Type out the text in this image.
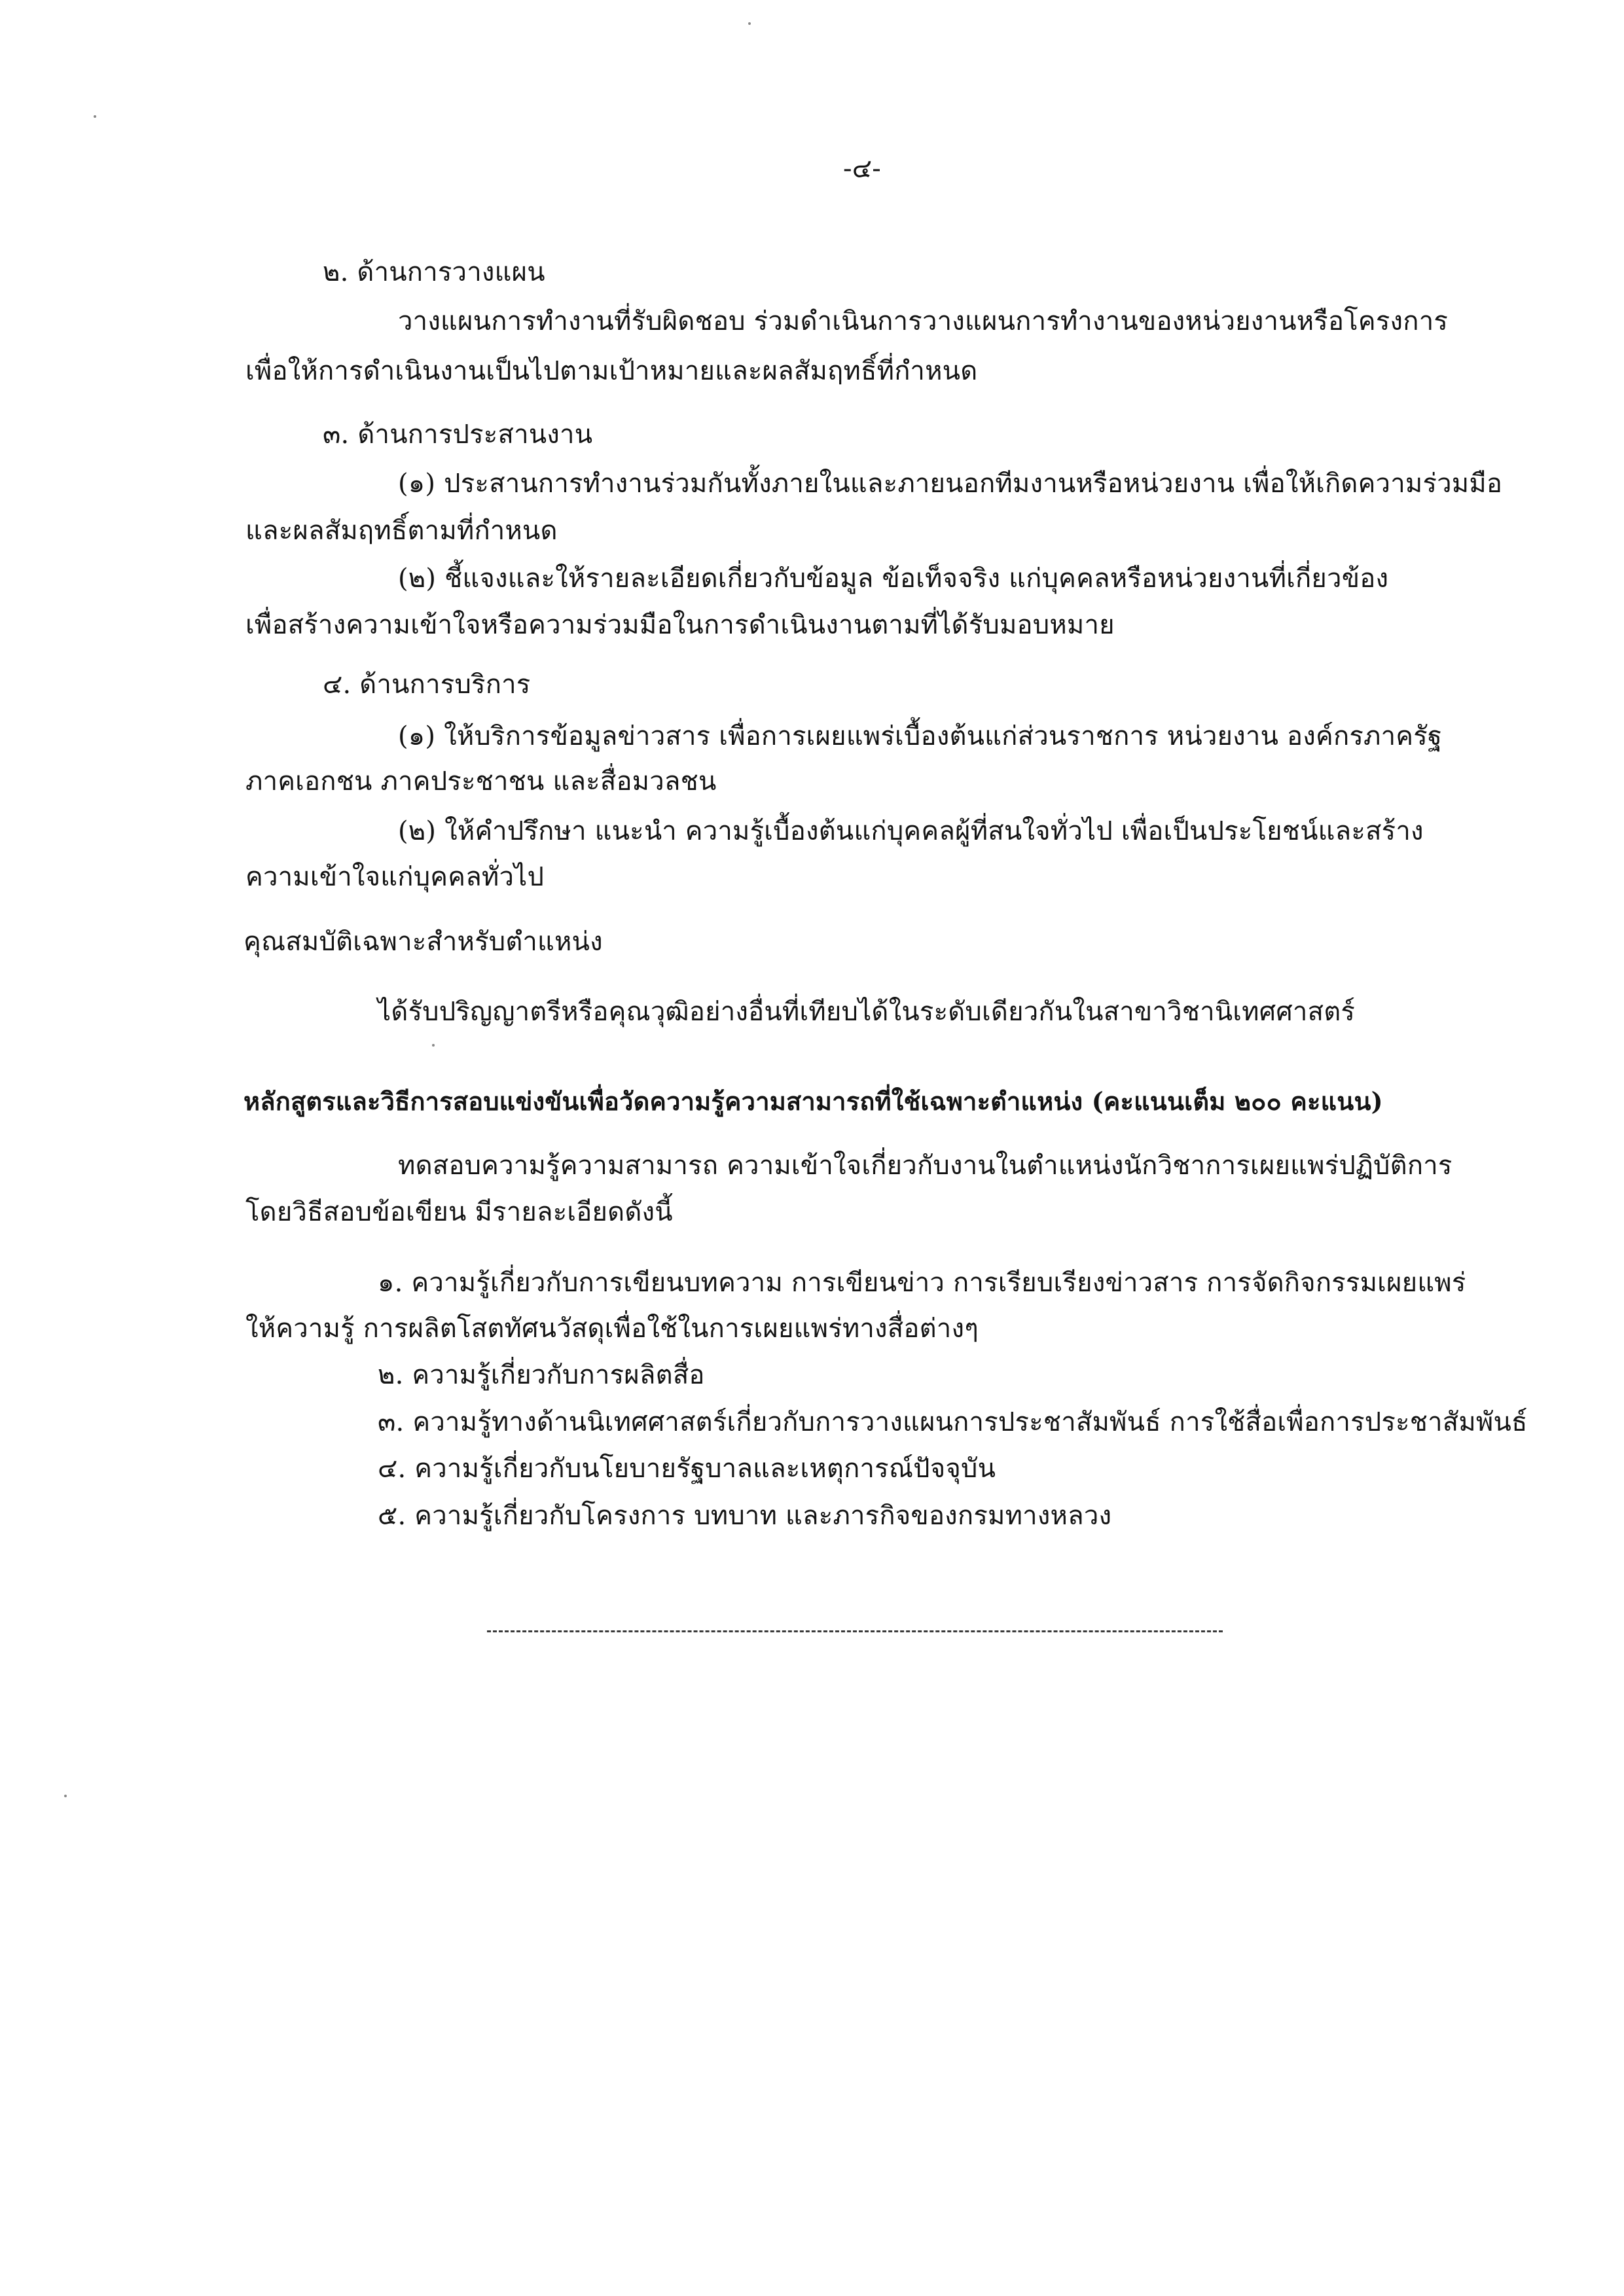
-๔-

๒. ด้านการวางแผน

วางแผนการทำงานที่รับผิดชอบ ร่วมดำเนินการวางแผนการทำงานของหน่วยงานหรือโครงการ

เพื่อให้การดำเนินงานเป็นไปตามเป้าหมายและผลสัมฤทธิ์ที่กำหนด

๓. ด้านการประสานงาน

(๑) ประสานการทำงานร่วมกันทั้งภายในและภายนอกทีมงานหรือหน่วยงาน เพื่อให้เกิดความร่วมมือ

และผลสัมฤทธิ์ตามที่กำหนด

(๒) ชี้แจงและให้รายละเอียดเกี่ยวกับข้อมูล ข้อเท็จจริง แก่บุคคลหรือหน่วยงานที่เกี่ยวข้อง

เพื่อสร้างความเข้าใจหรือความร่วมมือในการดำเนินงานตามที่ได้รับมอบหมาย

๔. ด้านการบริการ

(๑) ให้บริการข้อมูลข่าวสาร เพื่อการเผยแพร่เบื้องต้นแก่ส่วนราชการ หน่วยงาน องค์กรภาครัฐ

ภาคเอกชน ภาคประชาชน และสื่อมวลชน

(๒) ให้คำปรึกษา แนะนำ ความรู้เบื้องต้นแก่บุคคลผู้ที่สนใจทั่วไป เพื่อเป็นประโยชน์และสร้าง

ความเข้าใจแก่บุคคลทั่วไป

คุณสมบัติเฉพาะสำหรับตำแหน่ง

ได้รับปริญญาตรีหรือคุณวุฒิอย่างอื่นที่เทียบได้ในระดับเดียวกันในสาขาวิชานิเทศศาสตร์

หลักสูตรและวิธีการสอบแข่งขันเพื่อวัดความรู้ความสามารถที่ใช้เฉพาะตำแหน่ง (คะแนนเต็ม ๒๐๐ คะแนน)

ทดสอบความรู้ความสามารถ ความเข้าใจเกี่ยวกับงานในตำแหน่งนักวิชาการเผยแพร่ปฏิบัติการ

โดยวิธีสอบข้อเขียน มีรายละเอียดดังนี้

๑. ความรู้เกี่ยวกับการเขียนบทความ การเขียนข่าว การเรียบเรียงข่าวสาร การจัดกิจกรรมเผยแพร่

ให้ความรู้ การผลิตโสตทัศนวัสดุเพื่อใช้ในการเผยแพร่ทางสื่อต่างๆ

๒. ความรู้เกี่ยวกับการผลิตสื่อ

๓. ความรู้ทางด้านนิเทศศาสตร์เกี่ยวกับการวางแผนการประชาสัมพันธ์ การใช้สื่อเพื่อการประชาสัมพันธ์

๔. ความรู้เกี่ยวกับนโยบายรัฐบาลและเหตุการณ์ปัจจุบัน

๕. ความรู้เกี่ยวกับโครงการ บทบาท และภารกิจของกรมทางหลวง
